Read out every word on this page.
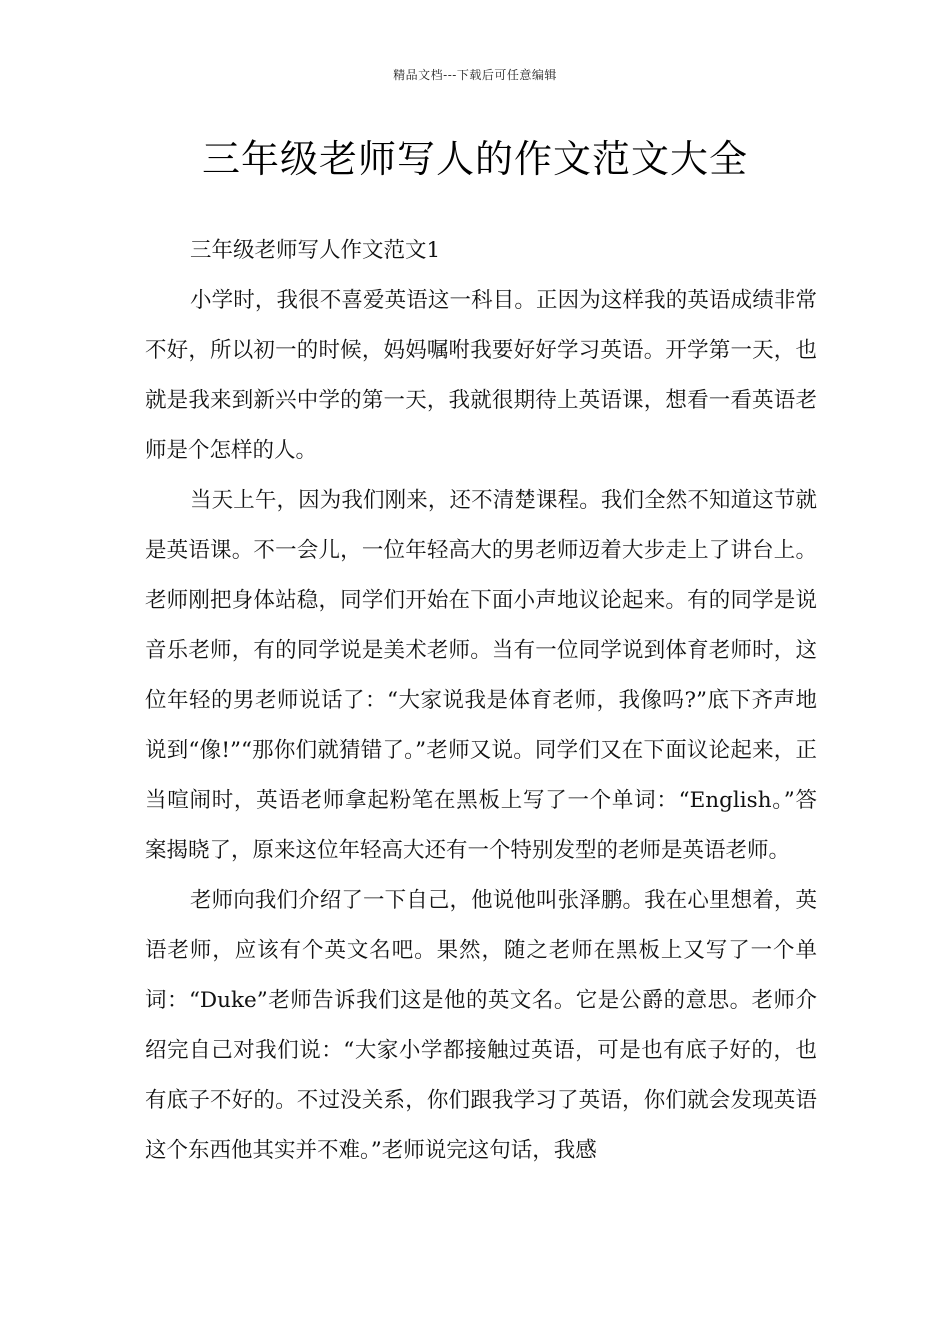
精品文档---下载后可任意编辑
三年级老师写人的作文范文大全

三年级老师写人作文范文1

小学时，我很不喜爱英语这一科目。正因为这样我的英语成绩非常不好，所以初一的时候，妈妈嘱咐我要好好学习英语。开学第一天，也就是我来到新兴中学的第一天，我就很期待上英语课，想看一看英语老师是个怎样的人。

当天上午，因为我们刚来，还不清楚课程。我们全然不知道这节就是英语课。不一会儿，一位年轻高大的男老师迈着大步走上了讲台上。老师刚把身体站稳，同学们开始在下面小声地议论起来。有的同学是说音乐老师，有的同学说是美术老师。当有一位同学说到体育老师时，这位年轻的男老师说话了：“大家说我是体育老师，我像吗?”底下齐声地说到“像!”“那你们就猜错了。”老师又说。同学们又在下面议论起来，正当喧闹时，英语老师拿起粉笔在黑板上写了一个单词：“English。”答案揭晓了，原来这位年轻高大还有一个特别发型的老师是英语老师。

老师向我们介绍了一下自己，他说他叫张泽鹏。我在心里想着，英语老师，应该有个英文名吧。果然，随之老师在黑板上又写了一个单词：“Duke”老师告诉我们这是他的英文名。它是公爵的意思。老师介绍完自己对我们说：“大家小学都接触过英语，可是也有底子好的，也有底子不好的。不过没关系，你们跟我学习了英语，你们就会发现英语这个东西他其实并不难。”老师说完这句话，我感
